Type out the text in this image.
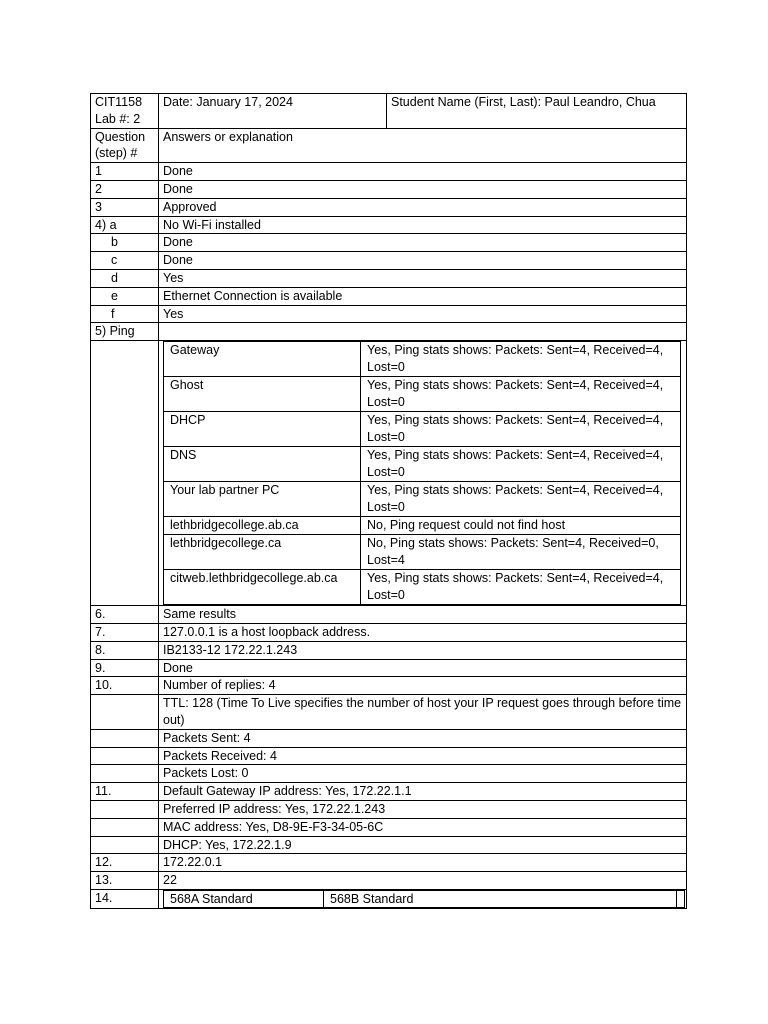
CIT1158
Lab #: 2	Date: January 17, 2024	Student Name (First, Last): Paul Leandro, Chua
Question
(step) #	Answers or explanation
1	Done
2	Done
3	Approved
4) a	No Wi-Fi installed
b	Done
c	Done
d	Yes
e	Ethernet Connection is available
f	Yes
5) Ping	

Gateway	Yes, Ping stats shows: Packets: Sent=4, Received=4, Lost=0
Ghost	Yes, Ping stats shows: Packets: Sent=4, Received=4, Lost=0
DHCP	Yes, Ping stats shows: Packets: Sent=4, Received=4, Lost=0
DNS	Yes, Ping stats shows: Packets: Sent=4, Received=4, Lost=0
Your lab partner PC	Yes, Ping stats shows: Packets: Sent=4, Received=4, Lost=0
lethbridgecollege.ab.ca	No, Ping request could not find host
lethbridgecollege.ca	No, Ping stats shows: Packets: Sent=4, Received=0, Lost=4
citweb.lethbridgecollege.ab.ca	Yes, Ping stats shows: Packets: Sent=4, Received=4, Lost=0

6.	Same results
7.	127.0.0.1 is a host loopback address.
8.	IB2133-12 172.22.1.243
9.	Done
10.	Number of replies: 4
	TTL: 128 (Time To Live specifies the number of host your IP request goes through before time out)
	Packets Sent: 4
	Packets Received: 4
	Packets Lost: 0
11.	Default Gateway IP address: Yes, 172.22.1.1
	Preferred IP address: Yes, 172.22.1.243
	MAC address: Yes, D8-9E-F3-34-05-6C
	DHCP: Yes, 172.22.1.9
12.	172.22.0.1
13.	22
14.		568A Standard	568B Standard	
